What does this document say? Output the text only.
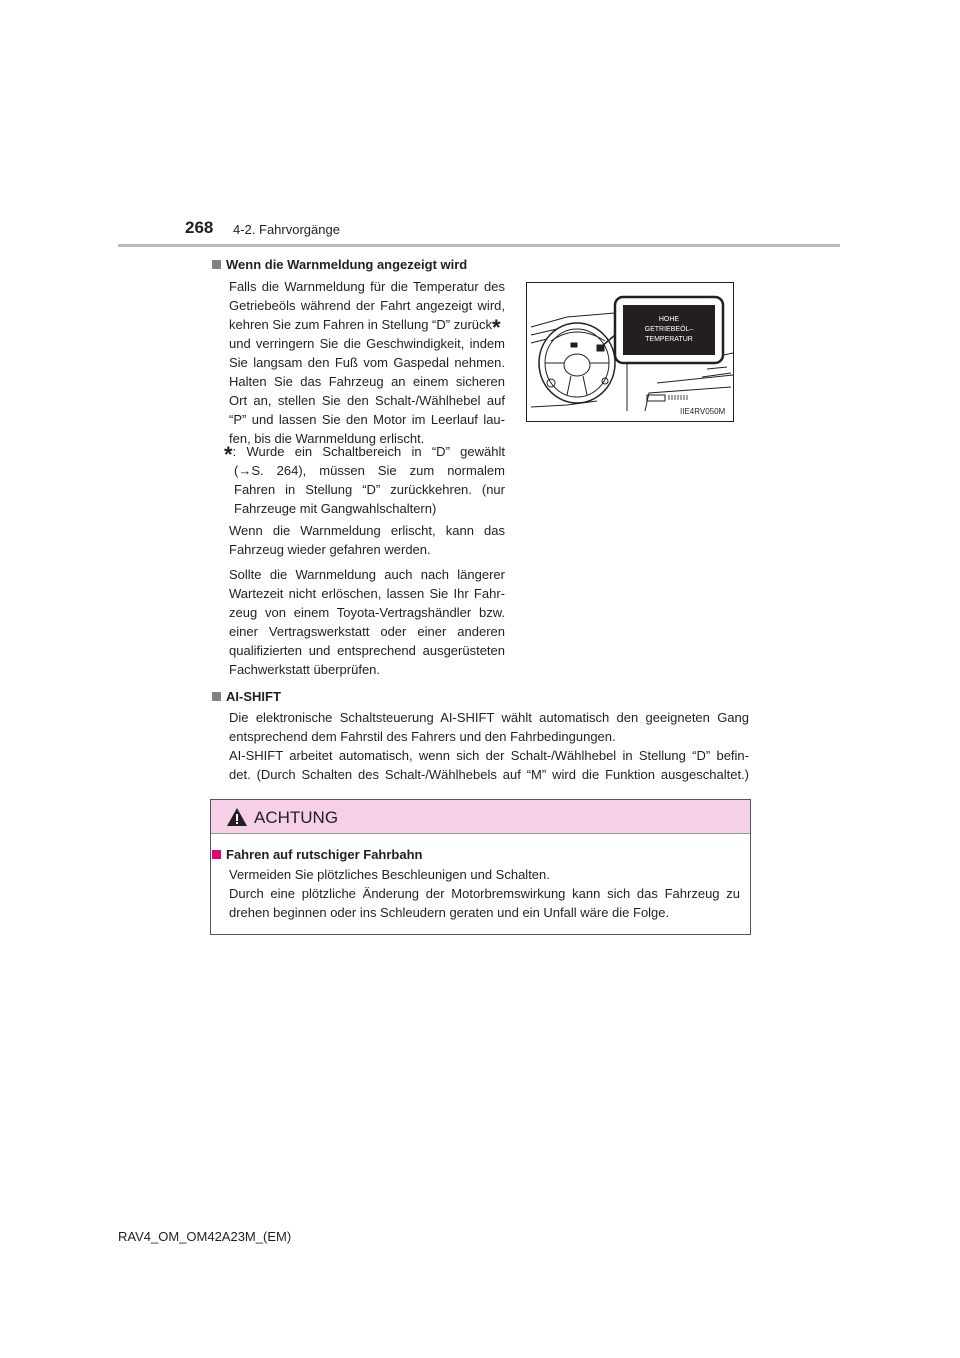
268 4-2. Fahrvorgänge
Wenn die Warnmeldung angezeigt wird
Falls die Warnmeldung für die Temperatur des
Getriebeöls während der Fahrt angezeigt wird,
kehren Sie zum Fahren in Stellung “D” zurück*
und verringern Sie die Geschwindigkeit, indem
Sie langsam den Fuß vom Gaspedal nehmen.
Halten Sie das Fahrzeug an einem sicheren
Ort an, stellen Sie den Schalt-/Wählhebel auf
“P” und lassen Sie den Motor im Leerlauf lau-
fen, bis die Warnmeldung erlischt.
*: Wurde ein Schaltbereich in “D” gewählt
(→S. 264), müssen Sie zum normalem
Fahren in Stellung “D” zurückkehren. (nur
Fahrzeuge mit Gangwahlschaltern)
Wenn die Warnmeldung erlischt, kann das
Fahrzeug wieder gefahren werden.
Sollte die Warnmeldung auch nach längerer
Wartezeit nicht erlöschen, lassen Sie Ihr Fahr-
zeug von einem Toyota-Vertragshändler bzw.
einer Vertragswerkstatt oder einer anderen
qualifizierten und entsprechend ausgerüsteten
Fachwerkstatt überprüfen.
HOHE
GETRIEBEÖL–
TEMPERATUR
IIE4RV050M
AI-SHIFT
Die elektronische Schaltsteuerung AI-SHIFT wählt automatisch den geeigneten Gang
entsprechend dem Fahrstil des Fahrers und den Fahrbedingungen.
AI-SHIFT arbeitet automatisch, wenn sich der Schalt-/Wählhebel in Stellung “D” befin-
det. (Durch Schalten des Schalt-/Wählhebels auf “M” wird die Funktion ausgeschaltet.)
ACHTUNG
Fahren auf rutschiger Fahrbahn
Vermeiden Sie plötzliches Beschleunigen und Schalten.
Durch eine plötzliche Änderung der Motorbremswirkung kann sich das Fahrzeug zu
drehen beginnen oder ins Schleudern geraten und ein Unfall wäre die Folge.
RAV4_OM_OM42A23M_(EM)
